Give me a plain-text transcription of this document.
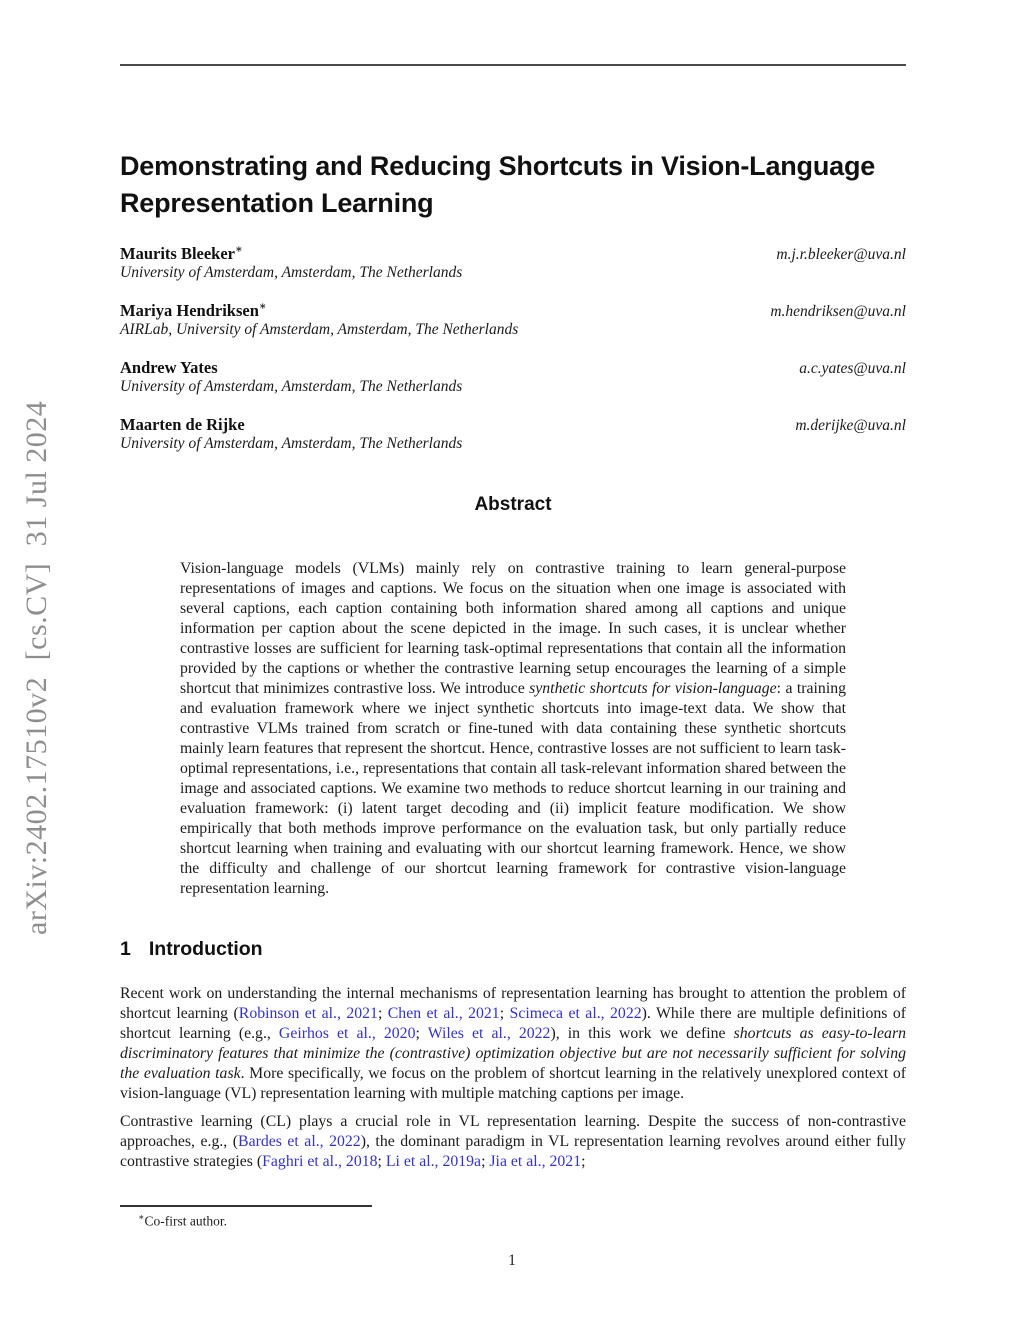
arXiv:2402.17510v2[cs.CV]31 Jul 2024
Demonstrating and Reducing Shortcuts in Vision-Language Representation Learning
Maurits Bleeker∗
University of Amsterdam, Amsterdam, The Netherlands
m.j.r.bleeker@uva.nl
Mariya Hendriksen∗
AIRLab, University of Amsterdam, Amsterdam, The Netherlands
m.hendriksen@uva.nl
Andrew Yates
University of Amsterdam, Amsterdam, The Netherlands
a.c.yates@uva.nl
Maarten de Rijke
University of Amsterdam, Amsterdam, The Netherlands
m.derijke@uva.nl
Abstract

Vision-language models (VLMs) mainly rely on contrastive training to learn general-purpose representations of images and captions. We focus on the situation when one image is associated with several captions, each caption containing both information shared among all captions and unique information per caption about the scene depicted in the image. In such cases, it is unclear whether contrastive losses are sufficient for learning task-optimal representations that contain all the information provided by the captions or whether the contrastive learning setup encourages the learning of a simple shortcut that minimizes contrastive loss. We introduce synthetic shortcuts for vision-language: a training and evaluation framework where we inject synthetic shortcuts into image-text data. We show that contrastive VLMs trained from scratch or fine-tuned with data containing these synthetic shortcuts mainly learn features that represent the shortcut. Hence, contrastive losses are not sufficient to learn task-optimal representations, i.e., representations that contain all task-relevant information shared between the image and associated captions. We examine two methods to reduce shortcut learning in our training and evaluation framework: (i) latent target decoding and (ii) implicit feature modification. We show empirically that both methods improve performance on the evaluation task, but only partially reduce shortcut learning when training and evaluating with our shortcut learning framework. Hence, we show the difficulty and challenge of our shortcut learning framework for contrastive vision-language representation learning.

1 Introduction

Recent work on understanding the internal mechanisms of representation learning has brought to attention the problem of shortcut learning (Robinson et al., 2021; Chen et al., 2021; Scimeca et al., 2022). While there are multiple definitions of shortcut learning (e.g., Geirhos et al., 2020; Wiles et al., 2022), in this work we define shortcuts as easy-to-learn discriminatory features that minimize the (contrastive) optimization objective but are not necessarily sufficient for solving the evaluation task. More specifically, we focus on the problem of shortcut learning in the relatively unexplored context of vision-language (VL) representation learning with multiple matching captions per image.

Contrastive learning (CL) plays a crucial role in VL representation learning. Despite the success of non-contrastive approaches, e.g., (Bardes et al., 2022), the dominant paradigm in VL representation learning revolves around either fully contrastive strategies (Faghri et al., 2018; Li et al., 2019a; Jia et al., 2021;

∗Co-first author.
1
